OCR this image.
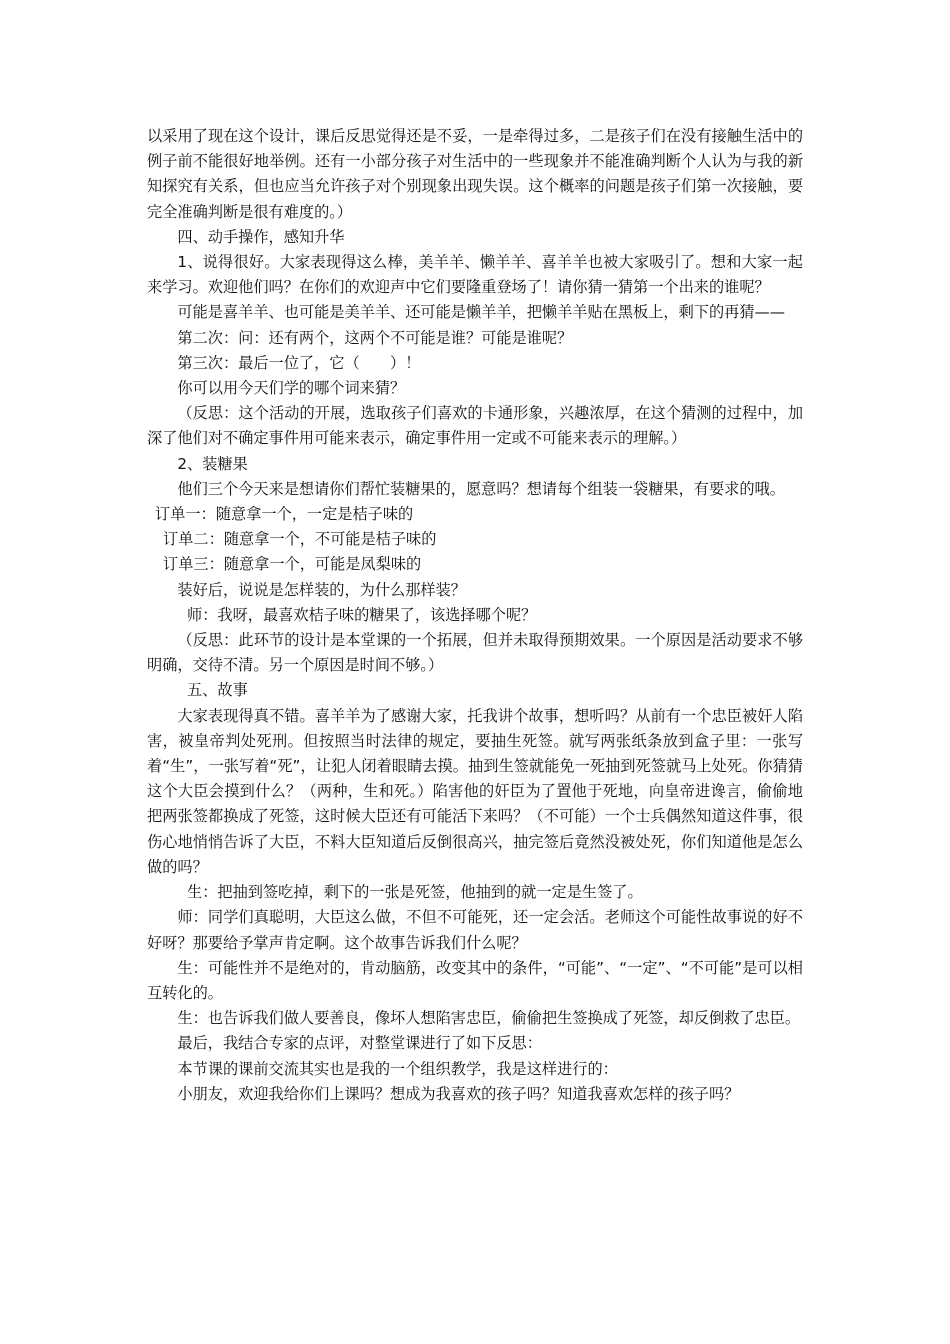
以采用了现在这个设计，课后反思觉得还是不妥，一是牵得过多，二是孩子们在没有接触生活中的例子前不能很好地举例。还有一小部分孩子对生活中的一些现象并不能准确判断个人认为与我的新知探究有关系，但也应当允许孩子对个别现象出现失误。这个概率的问题是孩子们第一次接触，要完全准确判断是很有难度的。）

四、动手操作，感知升华

1、说得很好。大家表现得这么棒，美羊羊、懒羊羊、喜羊羊也被大家吸引了。想和大家一起来学习。欢迎他们吗？在你们的欢迎声中它们要隆重登场了！请你猜一猜第一个出来的谁呢？

可能是喜羊羊、也可能是美羊羊、还可能是懒羊羊，把懒羊羊贴在黑板上，剩下的再猜——

第二次：问：还有两个，这两个不可能是谁？可能是谁呢？

第三次：最后一位了，它（　　）！

你可以用今天们学的哪个词来猜？

（反思：这个活动的开展，选取孩子们喜欢的卡通形象，兴趣浓厚，在这个猜测的过程中，加深了他们对不确定事件用可能来表示，确定事件用一定或不可能来表示的理解。）

2、装糖果

他们三个今天来是想请你们帮忙装糖果的，愿意吗？想请每个组装一袋糖果，有要求的哦。

订单一：随意拿一个，一定是桔子味的

订单二：随意拿一个，不可能是桔子味的

订单三：随意拿一个，可能是凤梨味的

装好后，说说是怎样装的，为什么那样装？

师：我呀，最喜欢桔子味的糖果了，该选择哪个呢？

（反思：此环节的设计是本堂课的一个拓展，但并未取得预期效果。一个原因是活动要求不够明确，交待不清。另一个原因是时间不够。）

五、故事

大家表现得真不错。喜羊羊为了感谢大家，托我讲个故事，想听吗？从前有一个忠臣被奸人陷害，被皇帝判处死刑。但按照当时法律的规定，要抽生死签。就写两张纸条放到盒子里：一张写着“生”，一张写着“死”，让犯人闭着眼睛去摸。抽到生签就能免一死抽到死签就马上处死。你猜猜这个大臣会摸到什么？（两种，生和死。）陷害他的奸臣为了置他于死地，向皇帝进谗言，偷偷地把两张签都换成了死签，这时候大臣还有可能活下来吗？（不可能）一个士兵偶然知道这件事，很伤心地悄悄告诉了大臣，不料大臣知道后反倒很高兴，抽完签后竟然没被处死，你们知道他是怎么做的吗？

生：把抽到签吃掉，剩下的一张是死签，他抽到的就一定是生签了。

师：同学们真聪明，大臣这么做，不但不可能死，还一定会活。老师这个可能性故事说的好不好呀？那要给予掌声肯定啊。这个故事告诉我们什么呢？

生：可能性并不是绝对的，肯动脑筋，改变其中的条件，“可能”、“一定”、“不可能”是可以相互转化的。

生：也告诉我们做人要善良，像坏人想陷害忠臣，偷偷把生签换成了死签，却反倒救了忠臣。

最后，我结合专家的点评，对整堂课进行了如下反思：

本节课的课前交流其实也是我的一个组织教学，我是这样进行的：

小朋友，欢迎我给你们上课吗？想成为我喜欢的孩子吗？知道我喜欢怎样的孩子吗？
